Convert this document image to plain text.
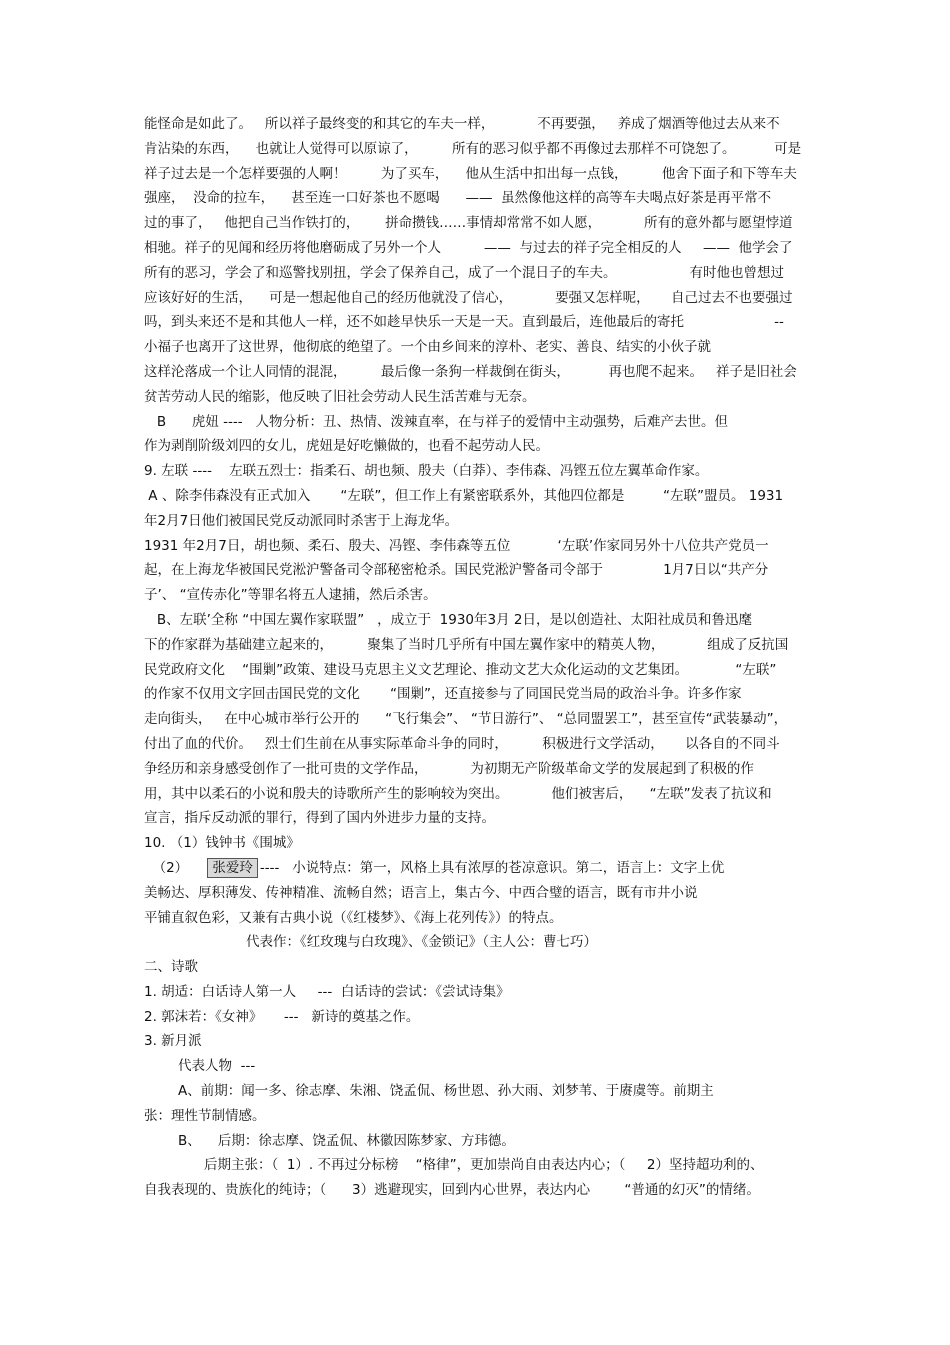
能怪命是如此了。   所以祥子最终变的和其它的车夫一样，          不再要强，   养成了烟酒等他过去从来不
肯沾染的东西，    也就让人觉得可以原谅了，        所有的恶习似乎都不再像过去那样不可饶恕了。         可是
祥子过去是一个怎样要强的人啊！        为了买车，    他从生活中扣出每一点钱，        他舍下面子和下等车夫
强座，  没命的拉车，    甚至连一口好茶也不愿喝      ——  虽然像他这样的高等车夫喝点好茶是再平常不
过的事了，   他把自己当作铁打的，      拼命攒钱……事情却常常不如人愿，          所有的意外都与愿望悖道
相驰。祥子的见闻和经历将他磨砺成了另外一个人          ——  与过去的祥子完全相反的人     ——  他学会了
所有的恶习，学会了和巡警找别扭，学会了保养自己，成了一个混日子的车夫。                 有时他也曾想过
应该好好的生活，    可是一想起他自己的经历他就没了信心，          要强又怎样呢，     自己过去不也要强过
吗，到头来还不是和其他人一样，还不如趁早快乐一天是一天。直到最后，连他最后的寄托                     --
小福子也离开了这世界，他彻底的绝望了。一个由乡间来的淳朴、老实、善良、结实的小伙子就
这样沦落成一个让人同情的混混，        最后像一条狗一样裁倒在街头，         再也爬不起来。   祥子是旧社会
贫苦劳动人民的缩影，他反映了旧社会劳动人民生活苦难与无奈。
B      虎妞 ----   人物分析：丑、热情、泼辣直率，在与祥子的爱情中主动强势，后难产去世。但
作为剥削阶级刘四的女儿，虎妞是好吃懒做的，也看不起劳动人民。
9. 左联 ----    左联五烈士：指柔石、胡也频、殷夫（白莽）、李伟森、冯铿五位左翼革命作家。
A 、除李伟森没有正式加入       “左联”，但工作上有紧密联系外，其他四位都是         “左联”盟员。 1931
年2月7日他们被国民党反动派同时杀害于上海龙华。
1931 年2月7日，胡也频、柔石、殷夫、冯铿、李伟森等五位           ‘左联’作家同另外十八位共产党员一
起，在上海龙华被国民党淞沪警备司令部秘密枪杀。国民党淞沪警备司令部于              1月7日以“共产分
子’、 “宣传赤化”等罪名将五人逮捕，然后杀害。
B、左联’全称 “中国左翼作家联盟”   ，成立于  1930年3月 2日，是以创造社、太阳社成员和鲁迅麾
下的作家群为基础建立起来的，        聚集了当时几乎所有中国左翼作家中的精英人物，          组成了反抗国
民党政府文化    “围剿”政策、建设马克思主义文艺理论、推动文艺大众化运动的文艺集团。           “左联”
的作家不仅用文字回击国民党的文化       “围剿”，还直接参与了同国民党当局的政治斗争。许多作家
走向街头，   在中心城市举行公开的      “飞行集会”、 “节日游行”、 “总同盟罢工”，甚至宣传“武装暴动”，
付出了血的代价。   烈士们生前在从事实际革命斗争的同时，        积极进行文学活动，     以各自的不同斗
争经历和亲身感受创作了一批可贵的文学作品，          为初期无产阶级革命文学的发展起到了积极的作
用，其中以柔石的小说和殷夫的诗歌所产生的影响较为突出。          他们被害后，    “左联”发表了抗议和
宣言，指斥反动派的罪行，得到了国内外进步力量的支持。
10. （1）钱钟书《围城》
（2）    张爱玲 ----   小说特点：第一，风格上具有浓厚的苍凉意识。第二，语言上：文字上优
美畅达、厚积薄发、传神精准、流畅自然；语言上，集古今、中西合璧的语言，既有市井小说
平铺直叙色彩，又兼有古典小说（《红楼梦》、《海上花列传》）的特点。
代表作：《红玫瑰与白玫瑰》、《金锁记》（主人公：曹七巧）
二、诗歌
1. 胡适：白话诗人第一人     ---  白话诗的尝试：《尝试诗集》
2. 郭沫若：《女神》     ---   新诗的奠基之作。
3. 新月派
代表人物  ---
A、前期：闻一多、徐志摩、朱湘、饶孟侃、杨世恩、孙大雨、刘梦苇、于赓虞等。前期主
张：理性节制情感。
B、    后期：徐志摩、饶孟侃、林徽因陈梦家、方玮德。
后期主张：（  1）. 不再过分标榜    “格律”，更加崇尚自由表达内心；（     2）坚持超功利的、
自我表现的、贵族化的纯诗；（      3）逃避现实，回到内心世界，表达内心        “普通的幻灭”的情绪。
